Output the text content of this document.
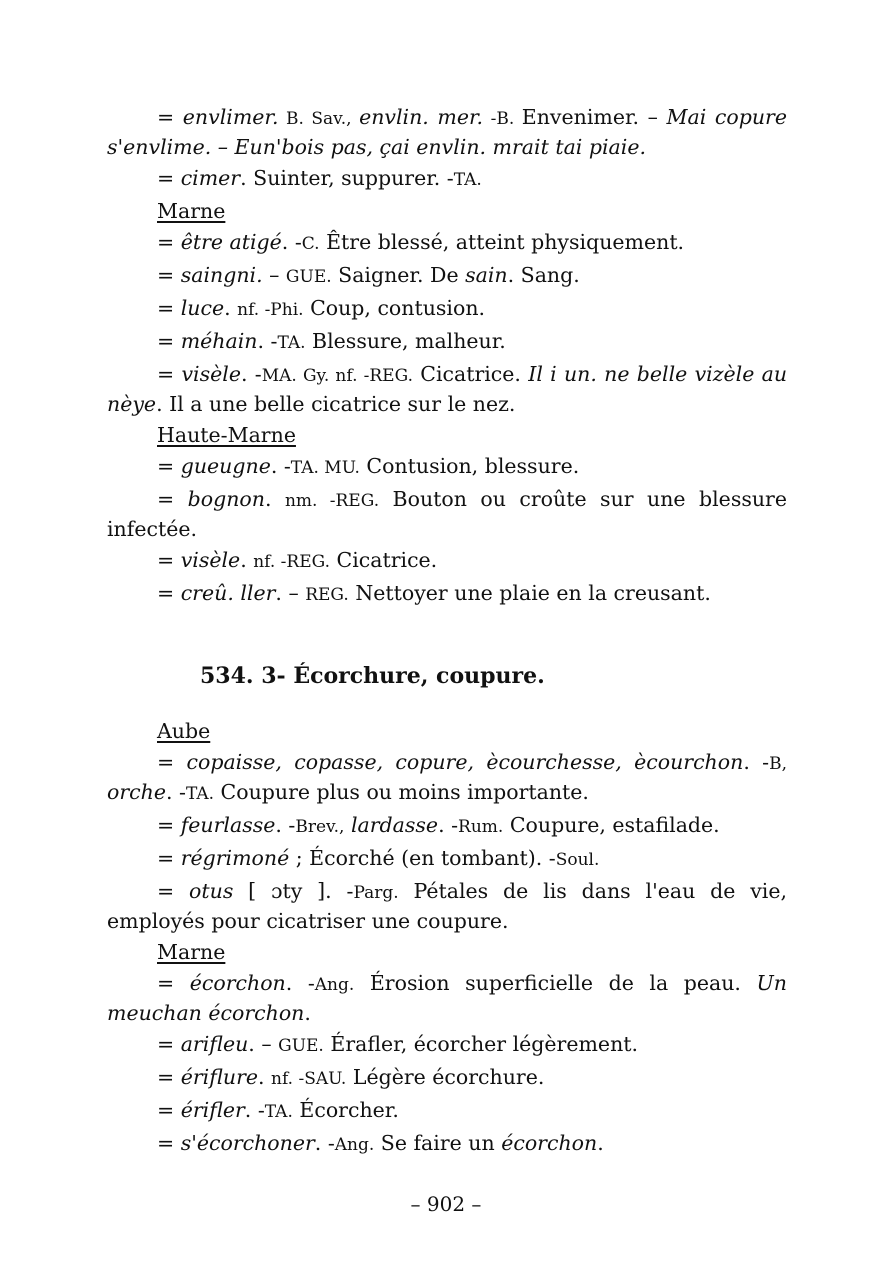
= envlimer. B. Sav., envlin. mer. -B. Envenimer. – Mai copure s'envlime. – Eun'bois pas, çai envlin. mrait tai piaie.

= cimer. Suinter, suppurer. -TA.

Marne

= être atigé. -C. Être blessé, atteint physiquement.

= saingni. – GUE. Saigner. De sain. Sang.

= luce. nf. -Phi. Coup, contusion.

= méhain. -TA. Blessure, malheur.

= visèle. -MA. Gy. nf. -REG. Cicatrice. Il i un. ne belle vizèle au nèye. Il a une belle cicatrice sur le nez.

Haute-Marne

= gueugne. -TA. MU. Contusion, blessure.

= bognon. nm. -REG. Bouton ou croûte sur une blessure infectée.

= visèle. nf. -REG. Cicatrice.

= creû. ller. – REG. Nettoyer une plaie en la creusant.

534. 3- Écorchure, coupure.
Aube

= copaisse, copasse, copure, ècourchesse, ècourchon. -B, orche. -TA. Coupure plus ou moins importante.

= feurlasse. -Brev., lardasse. -Rum. Coupure, estafilade.

= régrimoné ; Écorché (en tombant). -Soul.

= otus [ ɔty ]. -Parg. Pétales de lis dans l'eau de vie, employés pour cicatriser une coupure.

Marne

= écorchon. -Ang. Érosion superficielle de la peau. Un meuchan écorchon.

= arifleu. – GUE. Érafler, écorcher légèrement.

= ériflure. nf. -SAU. Légère écorchure.

= érifler. -TA. Écorcher.

= s'écorchoner. -Ang. Se faire un écorchon.

– 902 –
